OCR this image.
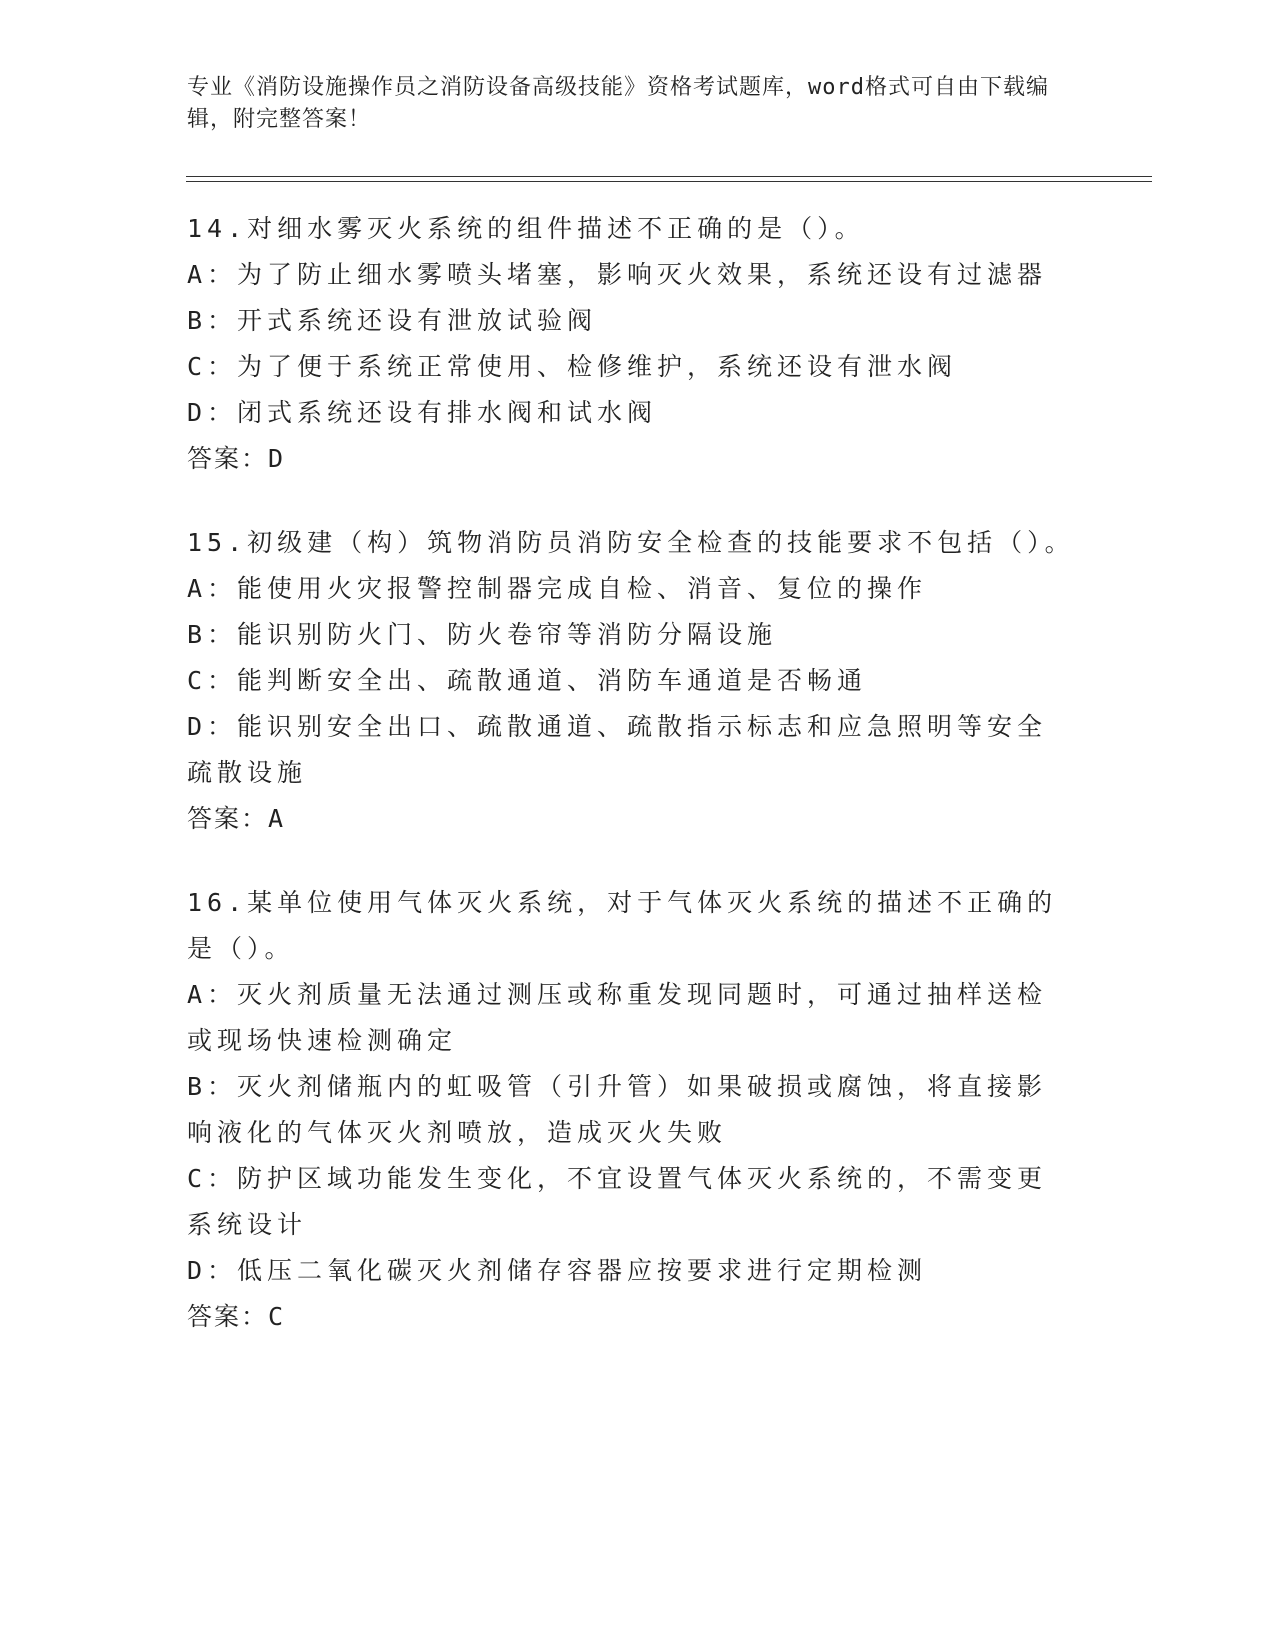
专业《消防设施操作员之消防设备高级技能》资格考试题库，word格式可自由下载编辑，附完整答案！
14.对细水雾灭火系统的组件描述不正确的是（）。
A：为了防止细水雾喷头堵塞，影响灭火效果，系统还设有过滤器
B：开式系统还设有泄放试验阀
C：为了便于系统正常使用、检修维护，系统还设有泄水阀
D：闭式系统还设有排水阀和试水阀
答案：D
15.初级建（构）筑物消防员消防安全检查的技能要求不包括（）。
A：能使用火灾报警控制器完成自检、消音、复位的操作
B：能识别防火门、防火卷帘等消防分隔设施
C：能判断安全出、疏散通道、消防车通道是否畅通
D：能识别安全出口、疏散通道、疏散指示标志和应急照明等安全疏散设施
答案：A
16.某单位使用气体灭火系统，对于气体灭火系统的描述不正确的是（）。
A：灭火剂质量无法通过测压或称重发现同题时，可通过抽样送检或现场快速检测确定
B：灭火剂储瓶内的虹吸管（引升管）如果破损或腐蚀，将直接影响液化的气体灭火剂喷放，造成灭火失败
C：防护区域功能发生变化，不宜设置气体灭火系统的，不需变更系统设计
D：低压二氧化碳灭火剂储存容器应按要求进行定期检测
答案：C
